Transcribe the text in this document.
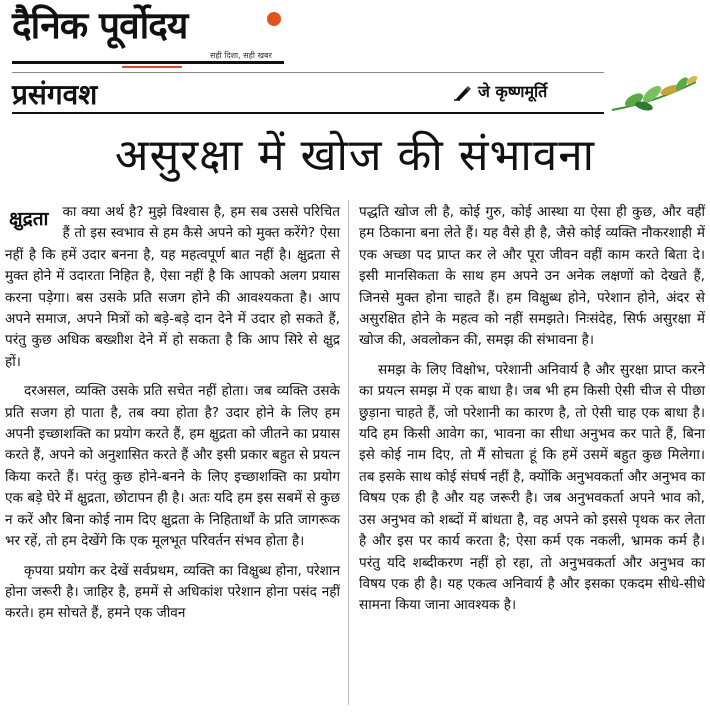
दैनिक पूर्वोदय
सही दिशा, सही खबर
प्रसंगवश	जे कृष्णमूर्ति
असुरक्षा में खोज की संभावना

क्षुद्रता का क्या अर्थ है? मुझे विश्वास है, हम सब उससे परिचित हैं तो इस स्वभाव से हम कैसे अपने को मुक्त करेंगे? ऐसा नहीं है कि हमें उदार बनना है, यह महत्वपूर्ण बात नहीं है। क्षुद्रता से मुक्त होने में उदारता निहित है, ऐसा नहीं है कि आपको अलग प्रयास करना पड़ेगा। बस उसके प्रति सजग होने की आवश्यकता है। आप अपने समाज, अपने मित्रों को बड़े-बड़े दान देने में उदार हो सकते हैं, परंतु कुछ अधिक बख्शीश देने में हो सकता है कि आप सिरे से क्षुद्र हों।

दरअसल, व्यक्ति उसके प्रति सचेत नहीं होता। जब व्यक्ति उसके प्रति सजग हो पाता है, तब क्या होता है? उदार होने के लिए हम अपनी इच्छाशक्ति का प्रयोग करते हैं, हम क्षुद्रता को जीतने का प्रयास करते हैं, अपने को अनुशासित करते हैं और इसी प्रकार बहुत से प्रयत्न किया करते हैं। परंतु कुछ होने-बनने के लिए इच्छाशक्ति का प्रयोग एक बड़े घेरे में क्षुद्रता, छोटापन ही है। अतः यदि हम इस सबमें से कुछ न करें और बिना कोई नाम दिए क्षुद्रता के निहितार्थों के प्रति जागरूक भर रहें, तो हम देखेंगे कि एक मूलभूत परिवर्तन संभव होता है।

कृपया प्रयोग कर देखें सर्वप्रथम, व्यक्ति का विक्षुब्ध होना, परेशान होना जरूरी है। जाहिर है, हममें से अधिकांश परेशान होना पसंद नहीं करते। हम सोचते हैं, हमने एक जीवन

पद्धति खोज ली है, कोई गुरु, कोई आस्था या ऐसा ही कुछ, और वहीं हम ठिकाना बना लेते हैं। यह वैसे ही है, जैसे कोई व्यक्ति नौकरशाही में एक अच्छा पद प्राप्त कर ले और पूरा जीवन वहीं काम करते बिता दे। इसी मानसिकता के साथ हम अपने उन अनेक लक्षणों को देखते हैं, जिनसे मुक्त होना चाहते हैं। हम विक्षुब्ध होने, परेशान होने, अंदर से असुरक्षित होने के महत्व को नहीं समझते। निःसंदेह, सिर्फ असुरक्षा में खोज की, अवलोकन की, समझ की संभावना है।

समझ के लिए विक्षोभ, परेशानी अनिवार्य है और सुरक्षा प्राप्त करने का प्रयत्न समझ में एक बाधा है। जब भी हम किसी ऐसी चीज से पीछा छुड़ाना चाहते हैं, जो परेशानी का कारण है, तो ऐसी चाह एक बाधा है। यदि हम किसी आवेग का, भावना का सीधा अनुभव कर पाते हैं, बिना इसे कोई नाम दिए, तो मैं सोचता हूं कि हमें उसमें बहुत कुछ मिलेगा। तब इसके साथ कोई संघर्ष नहीं है, क्योंकि अनुभवकर्ता और अनुभव का विषय एक ही है और यह जरूरी है। जब अनुभवकर्ता अपने भाव को, उस अनुभव को शब्दों में बांधता है, वह अपने को इससे पृथक कर लेता है और इस पर कार्य करता है; ऐसा कर्म एक नकली, भ्रामक कर्म है। परंतु यदि शब्दीकरण नहीं हो रहा, तो अनुभवकर्ता और अनुभव का विषय एक ही है। यह एकत्व अनिवार्य है और इसका एकदम सीधे-सीधे सामना किया जाना आवश्यक है।
